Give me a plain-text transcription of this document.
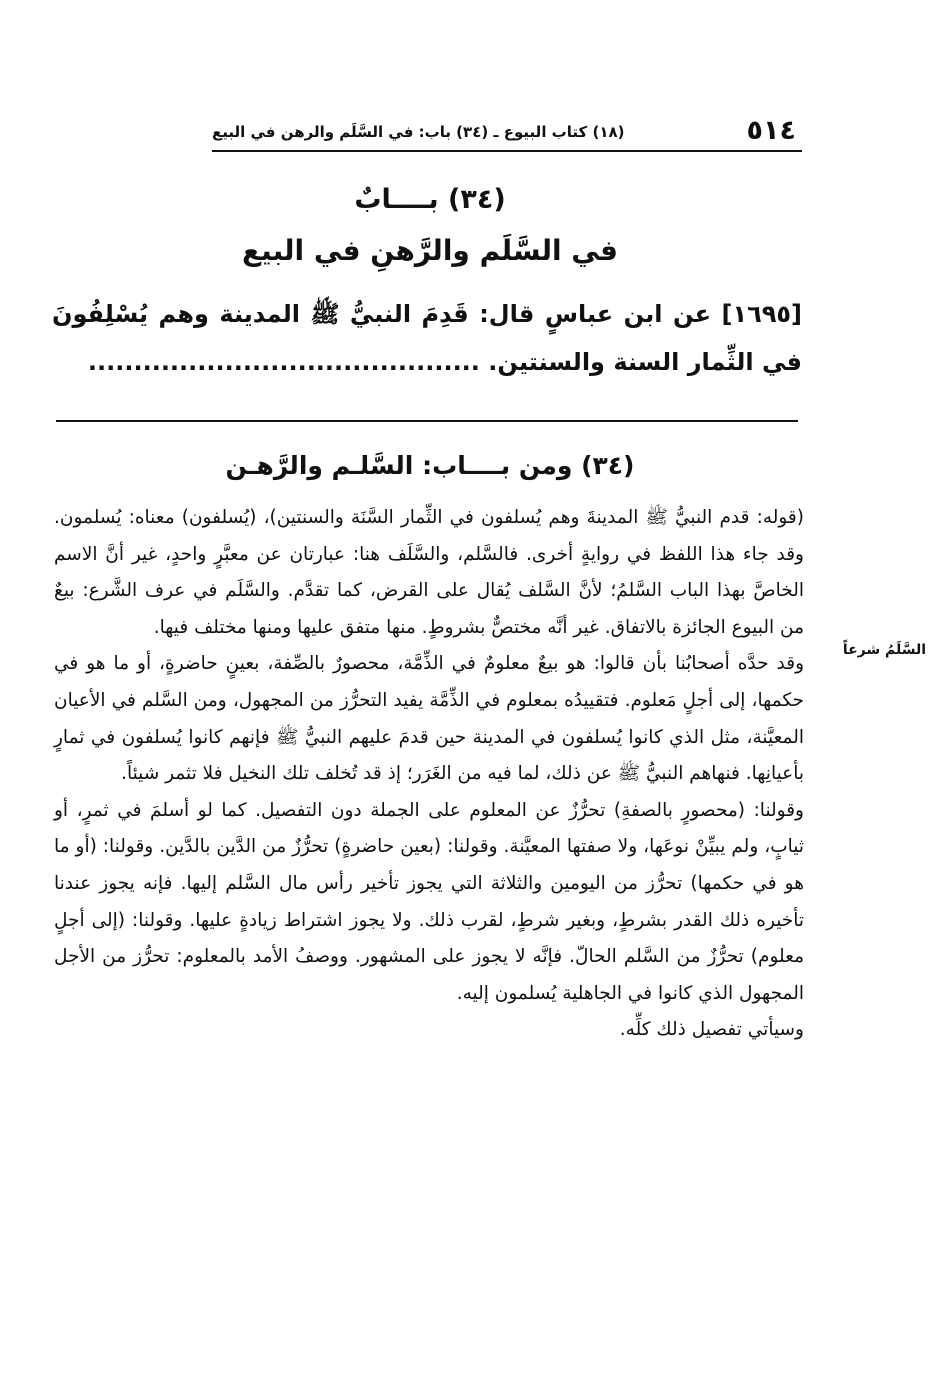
٥١٤
(١٨) كتاب البيوع ـ (٣٤) باب: في السَّلَم والرهن في البيع
(٣٤) بــــابٌ
في السَّلَم والرَّهنِ في البيع
[١٦٩٥] عن ابن عباسٍ قال: قَدِمَ النبيُّ ﷺ المدينة وهم يُسْلِفُونَ في الثِّمار السنة والسنتين. ...........................................
(٣٤) ومن بــــاب: السَّلـم والرَّهـن
السَّلَمُ شرعاً

(قوله: قدم النبيُّ ﷺ المدينةَ وهم يُسلفون في الثِّمار السَّنَة والسنتين)، (يُسلفون) معناه: يُسلمون. وقد جاء هذا اللفظ في روايةٍ أخرى. فالسَّلم، والسَّلَف هنا: عبارتان عن معبَّرٍ واحدٍ، غير أنَّ الاسم الخاصَّ بهذا الباب السَّلمُ؛ لأنَّ السَّلف يُقال على القرض، كما تقدَّم. والسَّلَم في عرف الشَّرع: بيعٌ من البيوع الجائزة بالاتفاق. غير أنَّه مختصٌّ بشروطٍ. منها متفق عليها ومنها مختلف فيها.

وقد حدَّه أصحابُنا بأن قالوا: هو بيعٌ معلومٌ في الذِّمَّة، محصورٌ بالصِّفة، بعينٍ حاضرةٍ، أو ما هو في حكمها، إلى أجلٍ مَعلوم. فتقييدُه بمعلوم في الذِّمَّة يفيد التحرُّز من المجهول، ومن السَّلم في الأعيان المعيَّنة، مثل الذي كانوا يُسلفون في المدينة حين قدمَ عليهم النبيُّ ﷺ فإنهم كانوا يُسلفون في ثمارٍ بأعيانِها. فنهاهم النبيُّ ﷺ عن ذلك، لما فيه من الغَرَر؛ إذ قد تُخلف تلك النخيل فلا تثمر شيئاً.

وقولنا: (محصورٍ بالصفةِ) تحرُّزٌ عن المعلوم على الجملة دون التفصيل. كما لو أسلمَ في ثمرٍ، أو ثيابٍ، ولم يبيِّنْ نوعَها، ولا صفتها المعيَّنة. وقولنا: (بعين حاضرةٍ) تحرُّزٌ من الدَّين بالدَّين. وقولنا: (أو ما هو في حكمها) تحرُّز من اليومين والثلاثة التي يجوز تأخير رأس مال السَّلم إليها. فإنه يجوز عندنا تأخيره ذلك القدر بشرطٍ، وبغير شرطٍ، لقرب ذلك. ولا يجوز اشتراط زيادةٍ عليها. وقولنا: (إلى أجلٍ معلوم) تحرُّزٌ من السَّلم الحالّ. فإنَّه لا يجوز على المشهور. ووصفُ الأمد بالمعلوم: تحرُّز من الأجل المجهول الذي كانوا في الجاهلية يُسلمون إليه.

وسيأتي تفصيل ذلك كلِّه.
